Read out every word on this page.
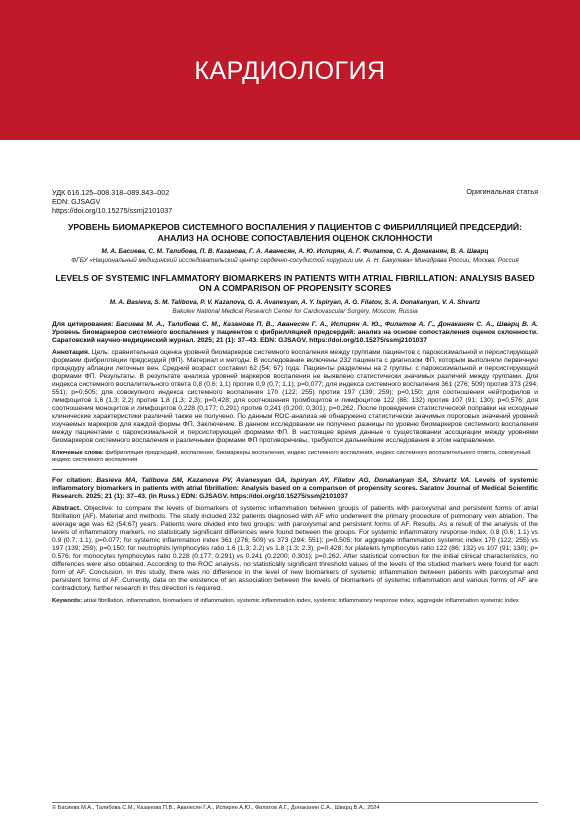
КАРДИОЛОГИЯ
УДК 616.125–008.318–089.843–002
EDN: GJSAGV
https://doi.org/10.15275/ssmj2101037
Оригинальная статья
УРОВЕНЬ БИОМАРКЕРОВ СИСТЕМНОГО ВОСПАЛЕНИЯ У ПАЦИЕНТОВ С ФИБРИЛЛЯЦИЕЙ ПРЕДСЕРДИЙ: АНАЛИЗ НА ОСНОВЕ СОПОСТАВЛЕНИЯ ОЦЕНОК СКЛОННОСТИ
М. А. Басиева, С. М. Талибова, П. В. Казанова, Г. А. Аванесян, А. Ю. Испирян, А. Г. Филатов, С. А. Донаканян, В. А. Шварц
ФГБУ «Национальный медицинский исследовательский центр сердечно-сосудистой хирургии им. А. Н. Бакулева» Минздрава России, Москва, Россия
LEVELS OF SYSTEMIC INFLAMMATORY BIOMARKERS IN PATIENTS WITH ATRIAL FIBRILLATION: ANALYSIS BASED ON A COMPARISON OF PROPENSITY SCORES
M. A. Basieva, S. M. Talibova, P. V. Kazanova, G. A. Avanesyan, A. Y. Ispiryan, A. G. Filatov, S. A. Donakanyan, V. A. Shvartz
Bakulev National Medical Research Center for Cardiovascular Surgery, Moscow, Russia
Для цитирования: Басиева М. А., Талибова С. М., Казанова П. В., Аванесян Г. А., Испирян А. Ю., Филатов А. Г., Донаканян С. А., Шварц В. А. Уровень биомаркеров системного воспаления у пациентов с фибрилляцией предсердий: анализ на основе сопоставления оценок склонности. Саратовский научно-медицинский журнал. 2025; 21 (1): 37–43. EDN: GJSAGV. https://doi.org/10.15275/ssmj2101037
Аннотация. Цель: сравнительная оценка уровней биомаркеров системного воспаления между группами пациентов с пароксизмальной и персистирующей формами фибрилляции предсердий (ФП). Материал и методы. В исследование включены 232 пациента с диагнозом ФП, которым выполняли первичную процедуру аблации легочных вен. Средний возраст составил 62 (54; 67) года. Пациенты разделены на 2 группы: с пароксизмальной и персистирующей формами ФП. Результаты. В результате анализа уровней маркеров воспаления не выявлено статистически значимых различий между группами. Для индекса системного воспалительного ответа 0,8 (0,6; 1,1) против 0,9 (0,7; 1,1); p=0,077; для индекса системного воспаления 361 (276; 509) против 373 (294; 551); p=0,505; для совокупного индекса системного воспаления 170 (122; 255) против 197 (139; 259); p=0,150; для соотношения нейтрофилов и лимфоцитов 1,6 (1,3; 2,2) против 1,8 (1,3; 2,3); p=0,428; для соотношения тромбоцитов и лимфоцитов 122 (86; 132) против 107 (91; 130); p=0,576; для соотношения моноцитов и лимфоцитов 0,228 (0,177; 0,291) против 0,241 (0,200; 0,301); p=0,262. После проведения статистической поправки на исходные клинические характеристики различий также не получено. По данным ROC-анализа не обнаружено статистически значимых пороговых значений уровней изучаемых маркеров для каждой формы ФП. Заключение. В данном исследовании не получено разницы по уровню биомаркеров системного воспаления между пациентами с пароксизмальной и персистирующей формами ФП. В настоящее время данные о существовании ассоциации между уровнями биомаркеров системного воспаления и различными формами ФП противоречивы, требуются дальнейшие исследования в этом направлении.
Ключевые слова: фибрилляция предсердий, воспаление, биомаркеры воспаления, индекс системного воспаления, индекс системного воспалительного ответа, совокупный индекс системного воспаления
For citation: Basieva MA, Talibova SM, Kazanova PV, Avanesyan GA, Ispiryan AY, Filatov AG, Donakanyan SA, Shvartz VA. Levels of systemic inflammatory biomarkers in patients with atrial fibrillation: Analysis based on a comparison of propensity scores. Saratov Journal of Medical Scientific Research. 2025; 21 (1): 37–43. (In Russ.) EDN: GJSAGV. https://doi.org/10.15275/ssmj2101037
Abstract. Objective: to compare the levels of biomarkers of systemic inflammation between groups of patients with paroxysmal and persistent forms of atrial fibrillation (AF). Material and methods. The study included 232 patients diagnosed with AF who underwent the primary procedure of pulmonary vein ablation. The average age was 62 (54;67) years. Patients were divided into two groups: with paroxysmal and persistent forms of AF. Results. As a result of the analysis of the levels of inflammatory markers, no statistically significant differences were found between the groups. For systemic inflammatory response index, 0.8 (0.6; 1.1) vs 0.9 (0.7; 1.1); p=0.077; for systemic inflammation index 361 (276; 509) vs 373 (294; 551); p=0.505; for aggregate inflammation systemic index 170 (122; 255) vs 197 (139; 259); p=0.150; for neutrophils lymphocytes ratio 1.6 (1.3; 2.2) vs 1.8 (1.3; 2.3); p=0.428; for platelets lymphocytes ratio 122 (86; 132) vs 107 (91; 130); p= 0.576; for monocytes lymphocytes ratio 0.228 (0.177; 0.291) vs 0.241 (0.2200; 0.301); p=0.262. After statistical correction for the initial clinical characteristics, no differences were also obtained. According to the ROC analysis, no statistically significant threshold values of the levels of the studied markers were found for each form of AF. Conclusion. In this study, there was no difference in the level of new biomarkers of systemic inflammation between patients with paroxysmal and persistent forms of AF. Currently, data on the existence of an association between the levels of biomarkers of systemic inflammation and various forms of AF are contradictory, further research in this direction is required.
Keywords: atrial fibrillation, inflammation, biomarkers of inflammation, systemic inflammation index, systemic inflammatory response index, aggregate inflammation systemic index
© Басиева М.А., Талибова С.М., Казанова П.В., Аванесян Г.А., Испирян А.Ю., Филатов А.Г., Донаканян С.А., Шварц В.А., 2024
